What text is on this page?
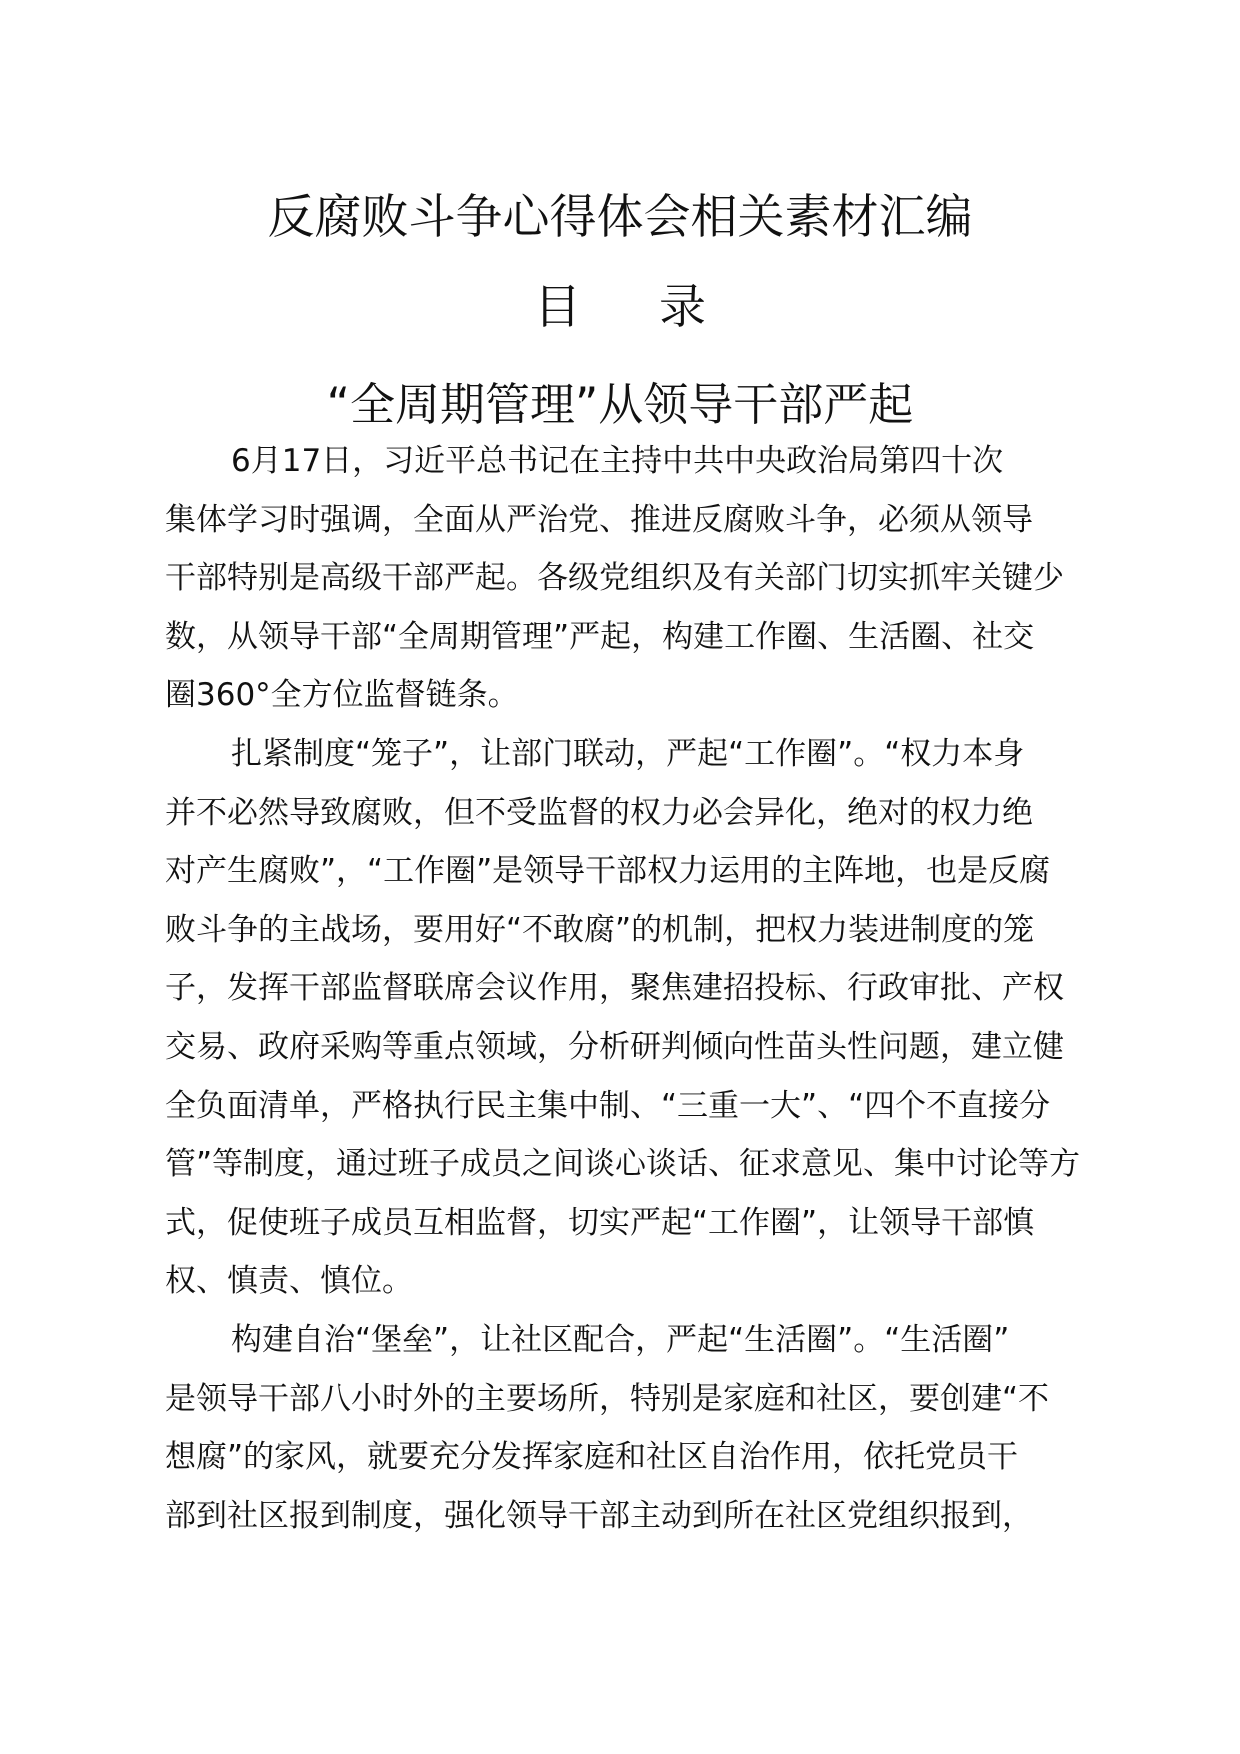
反腐败斗争心得体会相关素材汇编
目 录
“全周期管理”从领导干部严起
6月17日，习近平总书记在主持中共中央政治局第四十次
集体学习时强调，全面从严治党、推进反腐败斗争，必须从领导
干部特别是高级干部严起。各级党组织及有关部门切实抓牢关键少
数，从领导干部“全周期管理”严起，构建工作圈、生活圈、社交
圈360°全方位监督链条。
扎紧制度“笼子”，让部门联动，严起“工作圈”。“权力本身
并不必然导致腐败，但不受监督的权力必会异化，绝对的权力绝
对产生腐败”，“工作圈”是领导干部权力运用的主阵地，也是反腐
败斗争的主战场，要用好“不敢腐”的机制，把权力装进制度的笼
子，发挥干部监督联席会议作用，聚焦建招投标、行政审批、产权
交易、政府采购等重点领域，分析研判倾向性苗头性问题，建立健
全负面清单，严格执行民主集中制、“三重一大”、“四个不直接分
管”等制度，通过班子成员之间谈心谈话、征求意见、集中讨论等方
式，促使班子成员互相监督，切实严起“工作圈”，让领导干部慎
权、慎责、慎位。
构建自治“堡垒”，让社区配合，严起“生活圈”。“生活圈”
是领导干部八小时外的主要场所，特别是家庭和社区，要创建“不
想腐”的家风，就要充分发挥家庭和社区自治作用，依托党员干
部到社区报到制度，强化领导干部主动到所在社区党组织报到，
